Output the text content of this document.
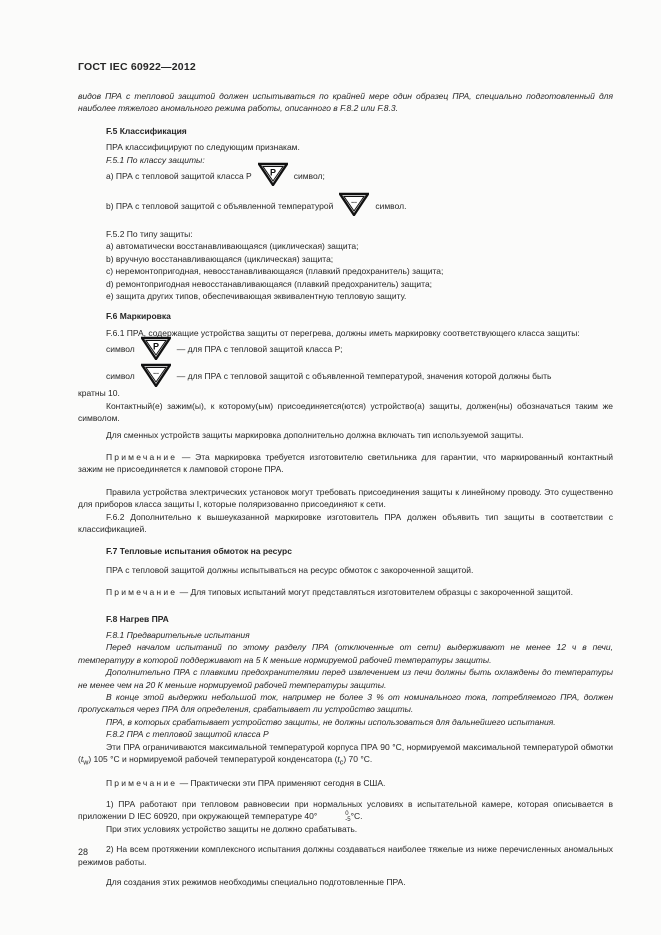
ГОСТ IEC 60922—2012

видов ПРА с тепловой защитой должен испытываться по крайней мере один образец ПРА, специально подготовленный для наиболее тяжелого аномального режима работы, описанного в F.8.2 или F.8.3.

F.5 Классификация

ПРА классифицируют по следующим признакам.

F.5.1 По классу защиты:

а) ПРА с тепловой защитой класса Р P символ;
b) ПРА с тепловой защитой с объявленной температурой	... символ.

F.5.2 По типу защиты:

а) автоматически восстанавливающаяся (циклическая) защита;

b) вручную восстанавливающаяся (циклическая) защита;

с) неремонтопригодная, невосстанавливающаяся (плавкий предохранитель) защита;

d) ремонтопригодная невосстанавливающаяся (плавкий предохранитель) защита;

е) защита других типов, обеспечивающая эквивалентную тепловую защиту.

F.6 Маркировка

F.6.1 ПРА, содержащие устройства защиты от перегрева, должны иметь маркировку соответствующего класса защиты:

символ P — для ПРА с тепловой защитой класса Р;
символ	... — для ПРА с тепловой защитой с объявленной температурой, значения которой должны быть

кратны 10.

Контактный(е) зажим(ы), к которому(ым) присоединяется(ются) устройство(а) защиты, должен(ны) обозначаться таким же символом.

Для сменных устройств защиты маркировка дополнительно должна включать тип используемой защиты.

Примечание — Эта маркировка требуется изготовителю светильника для гарантии, что маркированный контактный зажим не присоединяется к ламповой стороне ПРА.

Правила устройства электрических установок могут требовать присоединения защиты к линейному проводу. Это существенно для приборов класса защиты I, которые поляризованно присоединяют к сети.

F.6.2 Дополнительно к вышеуказанной маркировке изготовитель ПРА должен объявить тип защиты в соответствии с классификацией.

F.7 Тепловые испытания обмоток на ресурс

ПРА с тепловой защитой должны испытываться на ресурс обмоток с закороченной защитой.

Примечание — Для типовых испытаний могут представляться изготовителем образцы с закороченной защитой.

F.8 Нагрев ПРА

F.8.1 Предварительные испытания

Перед началом испытаний по этому разделу ПРА (отключенные от сети) выдерживают не менее 12 ч в печи, температуру в которой поддерживают на 5 К меньше нормируемой рабочей температуры защиты.

Дополнительно ПРА с плавкими предохранителями перед извлечением из печи должны быть охлаждены до температуры не менее чем на 20 К меньше нормируемой рабочей температуры защиты.

В конце этой выдержки небольшой ток, например не более 3 % от номинального тока, потребляемого ПРА, должен пропускаться через ПРА для определения, срабатывает ли устройство защиты.

ПРА, в которых срабатывает устройство защиты, не должны использоваться для дальнейшего испытания.

F.8.2 ПРА с тепловой защитой класса Р

Эти ПРА ограничиваются максимальной температурой корпуса ПРА 90 °С, нормируемой максимальной температурой обмотки $(t_w)$ 105 °С и нормируемой рабочей температурой конденсатора $(t_c)$ 70 °С.

Примечание — Практически эти ПРА применяют сегодня в США.

1) ПРА работают при тепловом равновесии при нормальных условиях в испытательной камере, которая описывается в приложении D IEC 60920, при окружающей температуре 40°	0
-5 °С.

При этих условиях устройство защиты не должно срабатывать.

2) На всем протяжении комплексного испытания должны создаваться наиболее тяжелые из ниже перечисленных аномальных режимов работы.

Для создания этих режимов необходимы специально подготовленные ПРА.

28
